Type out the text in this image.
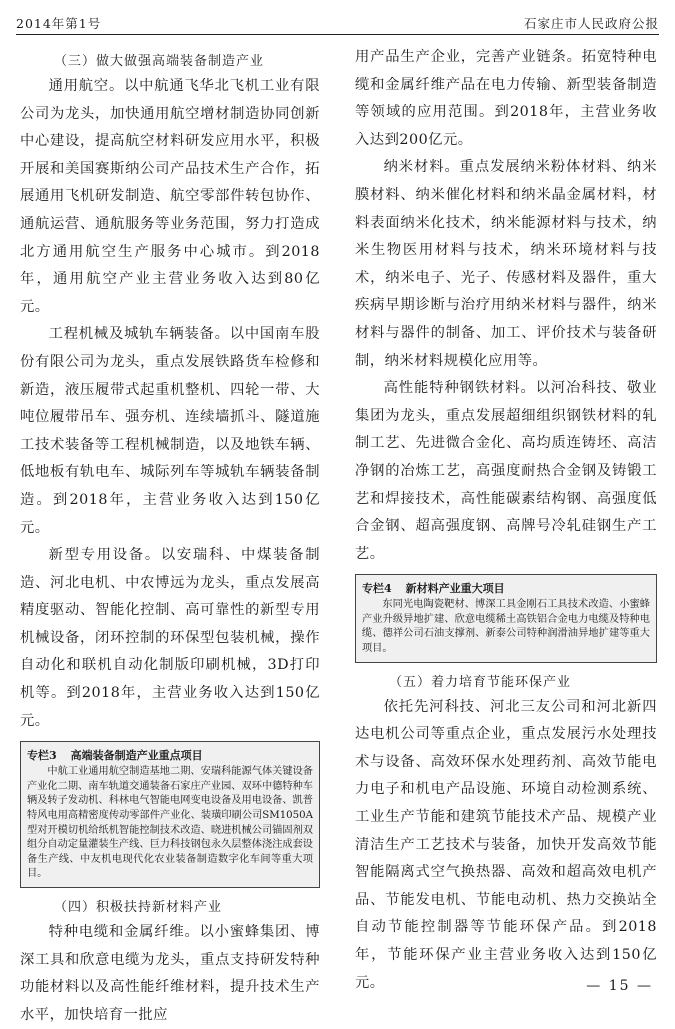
2014年第1号	石家庄市人民政府公报
（三）做大做强高端装备制造产业

通用航空。以中航通飞华北飞机工业有限公司为龙头，加快通用航空增材制造协同创新中心建设，提高航空材料研发应用水平，积极开展和美国赛斯纳公司产品技术生产合作，拓展通用飞机研发制造、航空零部件转包协作、通航运营、通航服务等业务范围，努力打造成北方通用航空生产服务中心城市。到2018年，通用航空产业主营业务收入达到80亿元。

工程机械及城轨车辆装备。以中国南车股份有限公司为龙头，重点发展铁路货车检修和新造，液压履带式起重机整机、四轮一带、大吨位履带吊车、强夯机、连续墙抓斗、隧道施工技术装备等工程机械制造，以及地铁车辆、低地板有轨电车、城际列车等城轨车辆装备制造。到2018年，主营业务收入达到150亿元。

新型专用设备。以安瑞科、中煤装备制造、河北电机、中农博远为龙头，重点发展高精度驱动、智能化控制、高可靠性的新型专用机械设备，闭环控制的环保型包装机械，操作自动化和联机自动化制版印刷机械，3D打印机等。到2018年，主营业务收入达到150亿元。

专栏3 高端装备制造产业重点项目

中航工业通用航空制造基地二期、安瑞科能源气体关键设备产业化二期、南车轨道交通装备石家庄产业园、双环中德特种车辆及转子发动机、科林电气智能电网变电设备及用电设备、凯普特风电用高精密度传动零部件产业化、装璜印刷公司SM1050A型对开模切机给纸机智能控制技术改造、晓进机械公司锚固剂双组分自动定量灌装生产线、巨力科技钢包永久层整体浇注成套设备生产线、中友机电现代化农业装备制造数字化车间等重大项目。

（四）积极扶持新材料产业

特种电缆和金属纤维。以小蜜蜂集团、博深工具和欣意电缆为龙头，重点支持研发特种功能材料以及高性能纤维材料，提升技术生产水平，加快培育一批应

用产品生产企业，完善产业链条。拓宽特种电缆和金属纤维产品在电力传输、新型装备制造等领域的应用范围。到2018年，主营业务收入达到200亿元。

纳米材料。重点发展纳米粉体材料、纳米膜材料、纳米催化材料和纳米晶金属材料，材料表面纳米化技术，纳米能源材料与技术，纳米生物医用材料与技术，纳米环境材料与技术，纳米电子、光子、传感材料及器件，重大疾病早期诊断与治疗用纳米材料与器件，纳米材料与器件的制备、加工、评价技术与装备研制，纳米材料规模化应用等。

高性能特种钢铁材料。以河冶科技、敬业集团为龙头，重点发展超细组织钢铁材料的轧制工艺、先进微合金化、高均质连铸坯、高洁净钢的冶炼工艺，高强度耐热合金钢及铸锻工艺和焊接技术，高性能碳素结构钢、高强度低合金钢、超高强度钢、高牌号冷轧硅钢生产工艺。

专栏4 新材料产业重大项目

东同光电陶瓷靶材、博深工具金刚石工具技术改造、小蜜蜂产业升级异地扩建、欣意电缆稀土高铁铝合金电力电缆及特种电缆、德祥公司石油支撑剂、新泰公司特种润滑油异地扩建等重大项目。

（五）着力培育节能环保产业

依托先河科技、河北三友公司和河北新四达电机公司等重点企业，重点发展污水处理技术与设备、高效环保水处理药剂、高效节能电力电子和机电产品设施、环境自动检测系统、工业生产节能和建筑节能技术产品、规模产业清洁生产工艺技术与装备，加快开发高效节能智能隔离式空气换热器、高效和超高效电机产品、节能发电机、节能电动机、热力交换站全自动节能控制器等节能环保产品。到2018年，节能环保产业主营业务收入达到150亿元。	— 15 —
